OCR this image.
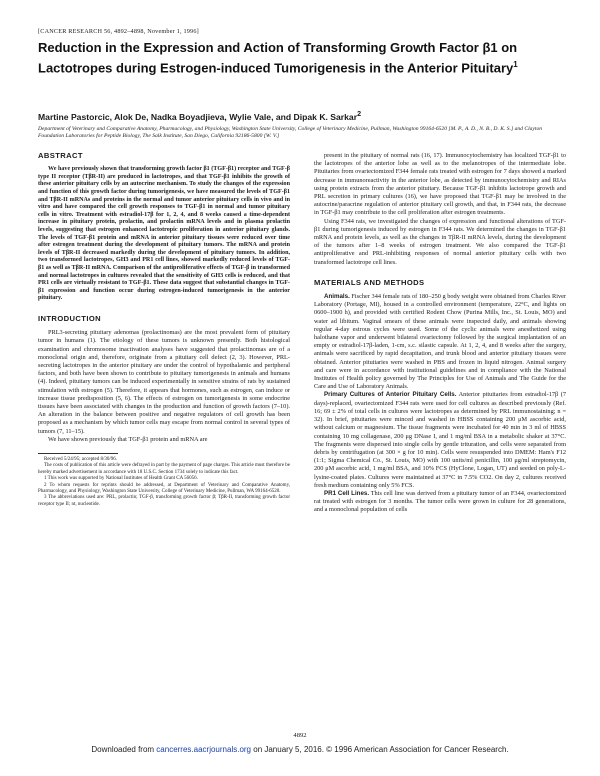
[CANCER RESEARCH 56, 4892–4898, November 1, 1996]
Reduction in the Expression and Action of Transforming Growth Factor β1 on Lactotropes during Estrogen-induced Tumorigenesis in the Anterior Pituitary$^1$
Martine Pastorcic, Alok De, Nadka Boyadjieva, Wylie Vale, and Dipak K. Sarkar$^2$
Department of Veterinary and Comparative Anatomy, Pharmacology, and Physiology, Washington State University, College of Veterinary Medicine, Pullman, Washington 99164-6520 [M. P., A. D., N. B., D. K. S.] and Clayton Foundation Laboratories for Peptide Biology, The Salk Institute, San Diego, California 92186-5800 [W. V.]
ABSTRACT

We have previously shown that transforming growth factor β1 (TGF-β1) receptor and TGF-β type II receptor (TβR-II) are produced in lactotropes, and that TGF-β1 inhibits the growth of these anterior pituitary cells by an autocrine mechanism. To study the changes of the expression and function of this growth factor during tumorigenesis, we have measured the levels of TGF-β1 and TβR-II mRNAs and proteins in the normal and tumor anterior pituitary cells in vivo and in vitro and have compared the cell growth responses to TGF-β1 in normal and tumor pituitary cells in vitro. Treatment with estradiol-17β for 1, 2, 4, and 8 weeks caused a time-dependent increase in pituitary protein, prolactin, and prolactin mRNA levels and in plasma prolactin levels, suggesting that estrogen enhanced lactotropic proliferation in anterior pituitary glands. The levels of TGF-β1 protein and mRNA in anterior pituitary tissues were reduced over time after estrogen treatment during the development of pituitary tumors. The mRNA and protein levels of TβR-II decreased markedly during the development of pituitary tumors. In addition, two transformed lactotropes, GH3 and PR1 cell lines, showed markedly reduced levels of TGF-β1 as well as TβR-II mRNA. Comparison of the antiproliferative effects of TGF-β in transformed and normal lactotropes in cultures revealed that the sensitivity of GH3 cells is reduced, and that PR1 cells are virtually resistant to TGF-β1. These data suggest that substantial changes in TGF-β1 expression and function occur during estrogen-induced tumorigenesis in the anterior pituitary.

INTRODUCTION

PRL3-secreting pituitary adenomas (prolactinomas) are the most prevalent form of pituitary tumor in humans (1). The etiology of these tumors is unknown presently. Both histological examination and chromosome inactivation analyses have suggested that prolactinomas are of a monoclonal origin and, therefore, originate from a pituitary cell defect (2, 3). However, PRL-secreting lactotropes in the anterior pituitary are under the control of hypothalamic and peripheral factors, and both have been shown to contribute to pituitary tumorigenesis in animals and humans (4). Indeed, pituitary tumors can be induced experimentally in sensitive strains of rats by sustained stimulation with estrogen (5). Therefore, it appears that hormones, such as estrogen, can induce or increase tissue predisposition (5, 6). The effects of estrogen on tumorigenesis in some endocrine tissues have been associated with changes in the production and function of growth factors (7–10). An alteration in the balance between positive and negative regulators of cell growth has been proposed as a mechanism by which tumor cells may escape from normal control in several types of tumors (7, 11–15).

We have shown previously that TGF-β1 protein and mRNA are

Received 5/24/95; accepted 8/30/96.

The costs of publication of this article were defrayed in part by the payment of page charges. This article must therefore be hereby marked advertisement in accordance with 18 U.S.C. Section 1734 solely to indicate this fact.

1 This work was supported by National Institutes of Health Grant CA 56056.

2 To whom requests for reprints should be addressed, at Department of Veterinary and Comparative Anatomy, Pharmacology, and Physiology, Washington State University, College of Veterinary Medicine, Pullman, WA 99164-6520.

3 The abbreviations used are: PRL, prolactin; TGF-β, transforming growth factor β; TβR-II, transforming growth factor receptor type II; nt, nucleotide.

present in the pituitary of normal rats (16, 17). Immunocytochemistry has localized TGF-β1 to the lactotropes of the anterior lobe as well as to the melanotropes of the intermediate lobe. Pituitaries from ovariectomized F344 female rats treated with estrogen for 7 days showed a marked decrease in immunoreactivity in the anterior lobe, as detected by immunocytochemistry and RIAs using protein extracts from the anterior pituitary. Because TGF-β1 inhibits lactotrope growth and PRL secretion in primary cultures (16), we have proposed that TGF-β1 may be involved in the autocrine/paracrine regulation of anterior pituitary cell growth, and that, in F344 rats, the decrease in TGF-β1 may contribute to the cell proliferation after estrogen treatments.

Using F344 rats, we investigated the changes of expression and functional alterations of TGF-β1 during tumorigenesis induced by estrogen in F344 rats. We determined the changes in TGF-β1 mRNA and protein levels, as well as the changes in TβR-II mRNA levels, during the development of the tumors after 1–8 weeks of estrogen treatment. We also compared the TGF-β1 antiproliferative and PRL-inhibiting responses of normal anterior pituitary cells with two transformed lactotrope cell lines.

MATERIALS AND METHODS

Animals. Fischer 344 female rats of 180–250 g body weight were obtained from Charles River Laboratory (Portage, MI), housed in a controlled environment (temperature, 22°C, and lights on 0600–1900 h), and provided with certified Rodent Chow (Purina Mills, Inc., St. Louis, MO) and water ad libitum. Vaginal smears of these animals were inspected daily, and animals showing regular 4-day estrous cycles were used. Some of the cyclic animals were anesthetized using halothane vapor and underwent bilateral ovariectomy followed by the surgical implantation of an empty or estradiol-17β-laden, 1-cm, s.c. silastic capsule. At 1, 2, 4, and 8 weeks after the surgery, animals were sacrificed by rapid decapitation, and trunk blood and anterior pituitary tissues were obtained. Anterior pituitaries were washed in PBS and frozen in liquid nitrogen. Animal surgery and care were in accordance with institutional guidelines and in compliance with the National Institutes of Health policy governed by The Principles for Use of Animals and The Guide for the Care and Use of Laboratory Animals.

Primary Cultures of Anterior Pituitary Cells. Anterior pituitaries from estradiol-17β (7 days)-replaced, ovariectomized F344 rats were used for cell cultures as described previously (Ref. 16; 69 ± 2% of total cells in cultures were lactotropes as determined by PRL immunostaining; n = 32). In brief, pituitaries were minced and washed in HBSS containing 200 μM ascorbic acid, without calcium or magnesium. The tissue fragments were incubated for 40 min in 3 ml of HBSS containing 10 mg collagenase, 200 μg DNase I, and 1 mg/ml BSA in a metabolic shaker at 37°C. The fragments were dispersed into single cells by gentle trituration, and cells were separated from debris by centrifugation (at 300 × g for 10 min). Cells were resuspended into DMEM: Ham's F12 (1:1; Sigma Chemical Co., St. Louis, MO) with 100 units/ml penicillin, 100 μg/ml streptomycin, 200 μM ascorbic acid, 1 mg/ml BSA, and 10% FCS (HyClone, Logan, UT) and seeded on poly-L-lysine-coated plates. Cultures were maintained at 37°C in 7.5% CO2. On day 2, cultures received fresh medium containing only 5% FCS.

PR1 Cell Lines. This cell line was derived from a pituitary tumor of an F344, ovariectomized rat treated with estrogen for 3 months. The tumor cells were grown in culture for 28 generations, and a monoclonal population of cells

4892
Downloaded from cancerres.aacrjournals.org on January 5, 2016. © 1996 American Association for Cancer Research.
